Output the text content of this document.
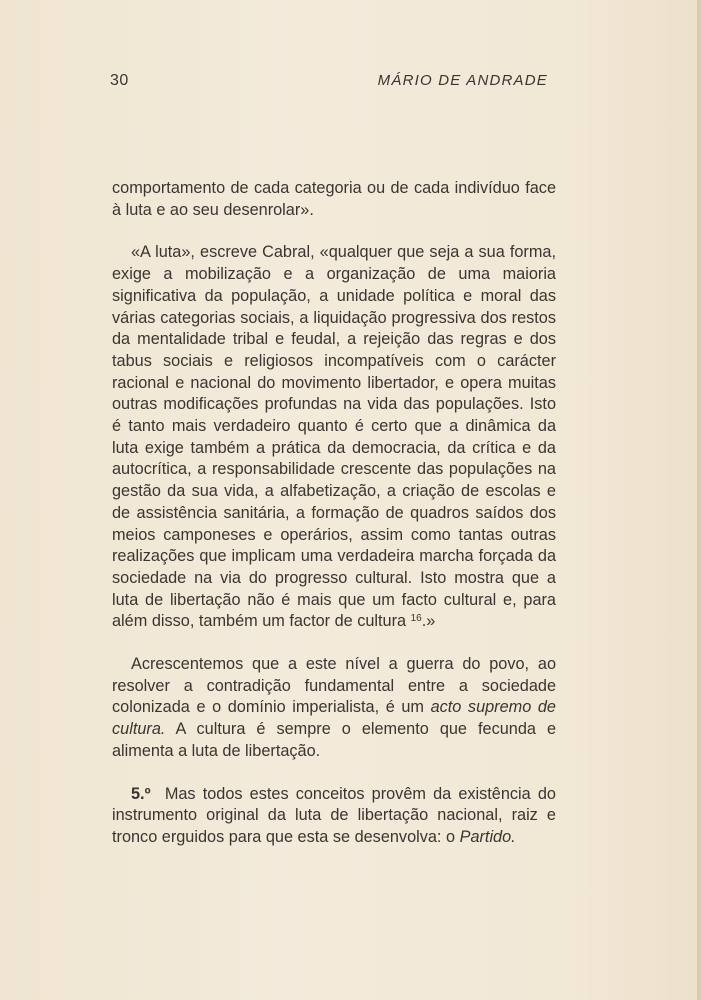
30	MÁRIO DE ANDRADE

comportamento de cada categoria ou de cada indivíduo face à luta e ao seu desenrolar».

«A luta», escreve Cabral, «qualquer que seja a sua forma, exige a mobilização e a organização de uma maioria significativa da população, a unidade política e moral das várias categorias sociais, a liquidação progressiva dos restos da mentalidade tribal e feudal, a rejeição das regras e dos tabus sociais e religiosos incompatíveis com o carácter racional e nacional do movimento libertador, e opera muitas outras modificações profundas na vida das populações. Isto é tanto mais verdadeiro quanto é certo que a dinâmica da luta exige também a prática da democracia, da crítica e da autocrítica, a responsabilidade crescente das populações na gestão da sua vida, a alfabetização, a criação de escolas e de assistência sanitária, a formação de quadros saídos dos meios camponeses e operários, assim como tantas outras realizações que implicam uma verdadeira marcha forçada da sociedade na via do progresso cultural. Isto mostra que a luta de libertação não é mais que um facto cultural e, para além disso, também um factor de cultura $^{16}$.»

Acrescentemos que a este nível a guerra do povo, ao resolver a contradição fundamental entre a sociedade colonizada e o domínio imperialista, é um acto supremo de cultura. A cultura é sempre o elemento que fecunda e alimenta a luta de libertação.

5.º Mas todos estes conceitos provêm da existência do instrumento original da luta de libertação nacional, raiz e tronco erguidos para que esta se desenvolva: o Partido.
